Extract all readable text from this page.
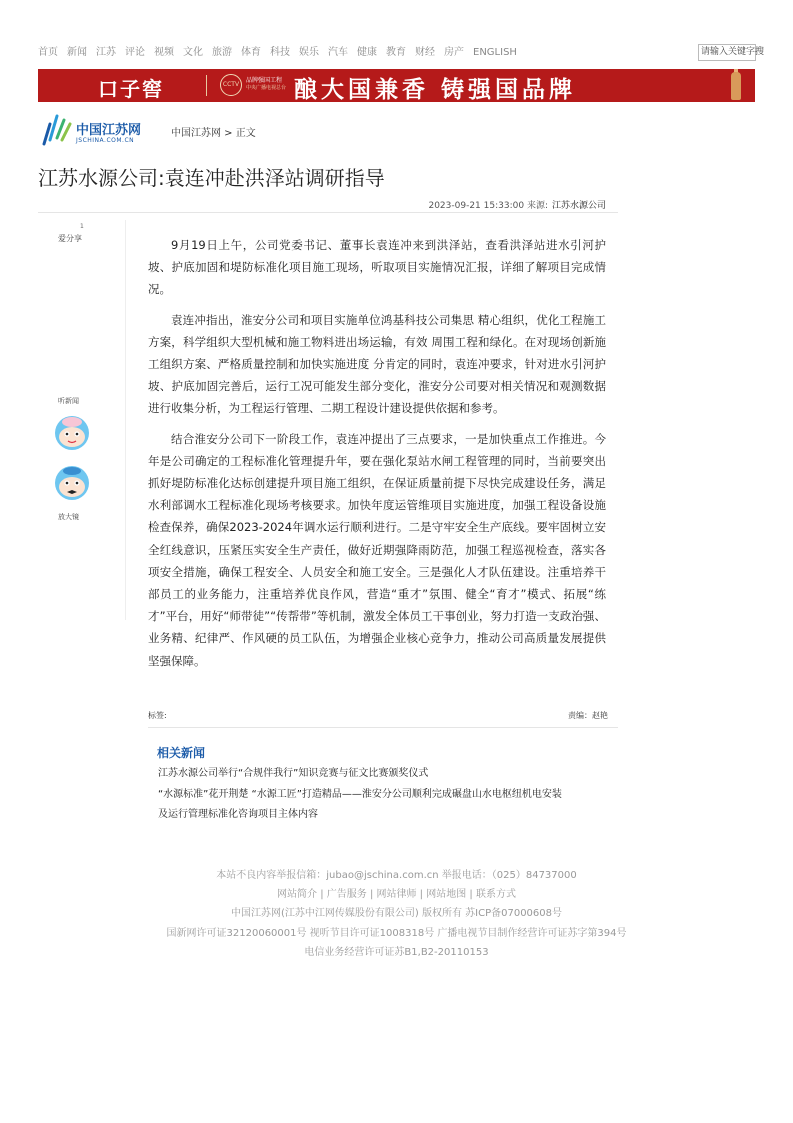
首页 新闻 江苏 评论 视频 文化 旅游 体育 科技 娱乐 汽车 健康 教育 财经 房产 ENGLISH	请输入关键字搜
口子窖	CCTV
品牌强国工程
中央广播电视总台 酿大国兼香 铸强国品牌
中国江苏网
JSCHINA.COM.CN
中国江苏网 > 正文
江苏水源公司:袁连冲赴洪泽站调研指导
2023-09-21 15:33:00 来源: 江苏水源公司
1
爱分享
听新闻
放大镜

9月19日上午，公司党委书记、董事长袁连冲来到洪泽站，查看洪泽站进水引河护坡、护底加固和堤防标准化项目施工现场，听取项目实施情况汇报，详细了解项目完成情况。

袁连冲指出，淮安分公司和项目实施单位鸿基科技公司集思 精心组织，优化工程施工方案，科学组织大型机械和施工物料进出场运输，有效 周围工程和绿化。在对现场创新施工组织方案、严格质量控制和加快实施进度 分肯定的同时，袁连冲要求，针对进水引河护坡、护底加固完善后，运行工况可能发生部分变化，淮安分公司要对相关情况和观测数据进行收集分析，为工程运行管理、二期工程设计建设提供依据和参考。

结合淮安分公司下一阶段工作，袁连冲提出了三点要求，一是加快重点工作推进。今年是公司确定的工程标准化管理提升年，要在强化泵站水闸工程管理的同时，当前要突出抓好堤防标准化达标创建提升项目施工组织，在保证质量前提下尽快完成建设任务，满足水利部调水工程标准化现场考核要求。加快年度运管维项目实施进度，加强工程设备设施检查保养，确保2023-2024年调水运行顺利进行。二是守牢安全生产底线。要牢固树立安全红线意识，压紧压实安全生产责任，做好近期强降雨防范，加强工程巡视检查，落实各项安全措施，确保工程安全、人员安全和施工安全。三是强化人才队伍建设。注重培养干部员工的业务能力，注重培养优良作风，营造“重才”氛围、健全“育才”模式、拓展“练才”平台，用好“师带徒”“传帮带”等机制，激发全体员工干事创业，努力打造一支政治强、业务精、纪律严、作风硬的员工队伍，为增强企业核心竞争力，推动公司高质量发展提供坚强保障。

标签:	责编：赵艳
相关新闻
江苏水源公司举行“合规伴我行”知识竞赛与征文比赛颁奖仪式
“水源标准”花开荆楚 “水源工匠”打造精品——淮安分公司顺利完成碾盘山水电枢纽机电安装
及运行管理标准化咨询项目主体内容
本站不良内容举报信箱：jubao@jschina.com.cn 举报电话：（025）84737000
网站简介 | 广告服务 | 网站律师 | 网站地图 | 联系方式
中国江苏网(江苏中江网传媒股份有限公司) 版权所有 苏ICP备07000608号
国新网许可证32120060001号 视听节目许可证1008318号 广播电视节目制作经营许可证苏字第394号
电信业务经营许可证苏B1,B2-20110153
